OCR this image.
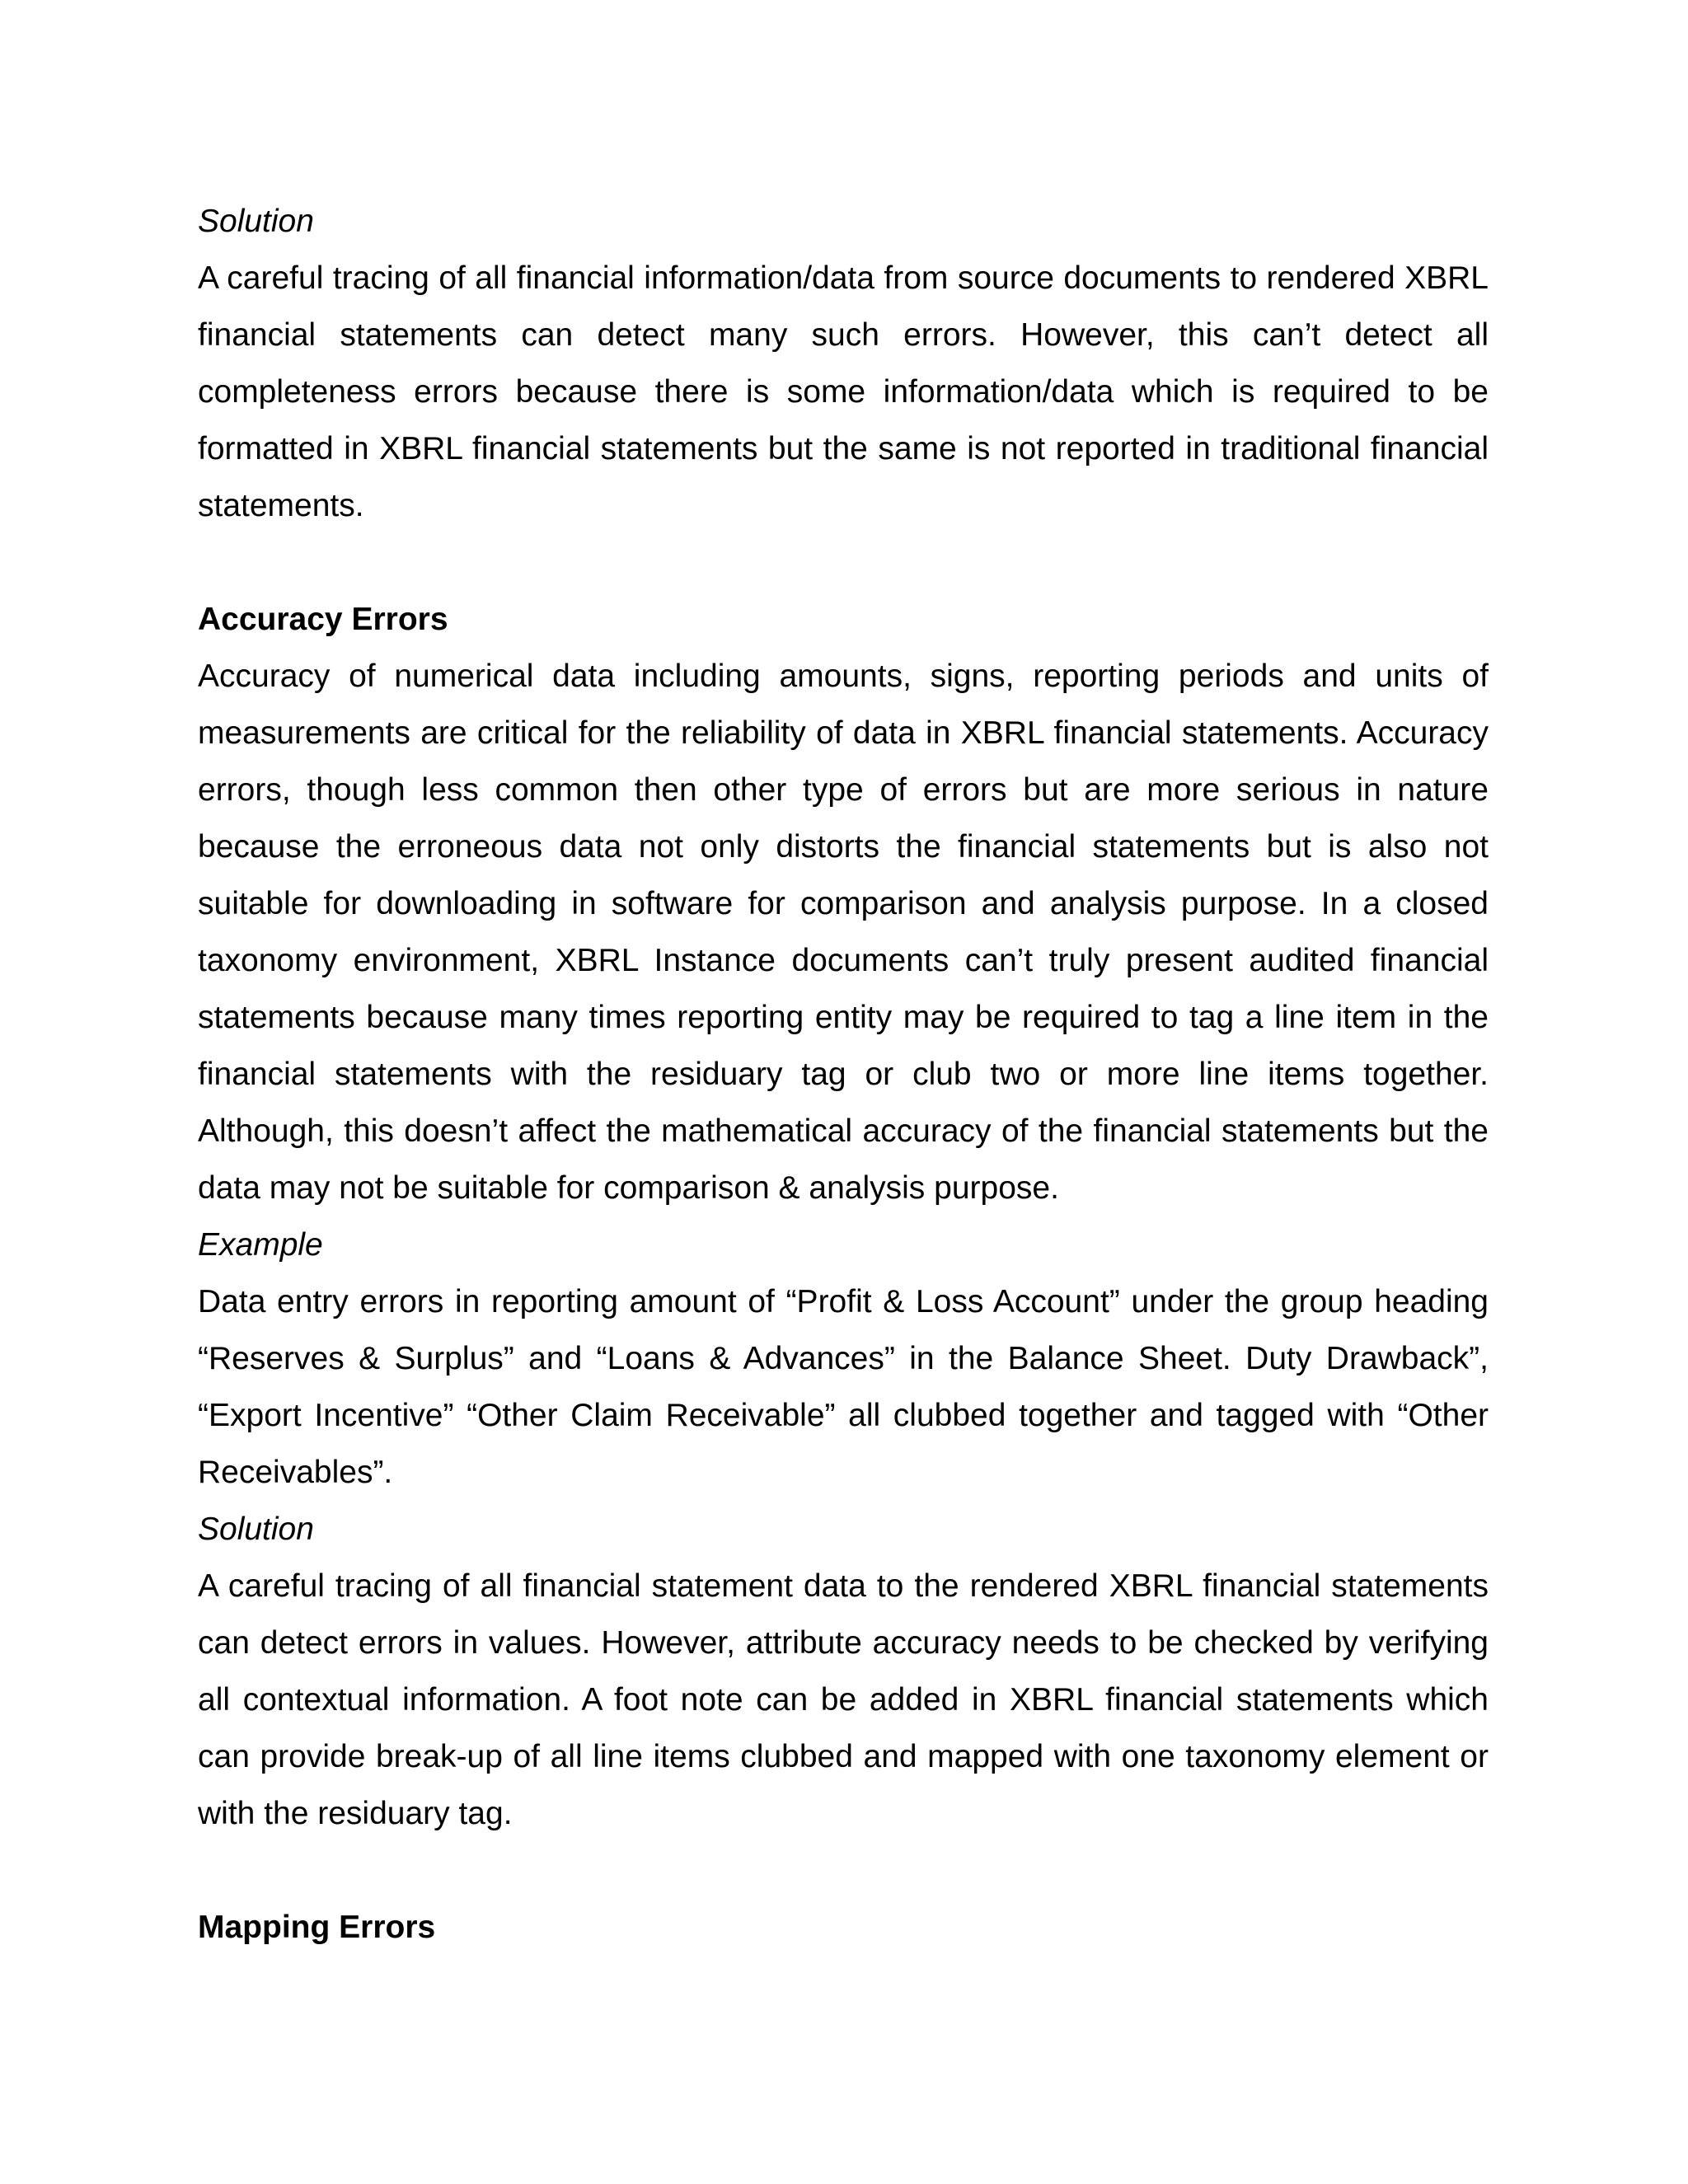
Solution

A careful tracing of all financial information/data from source documents to rendered XBRL financial statements can detect many such errors. However, this can’t detect all completeness errors because there is some information/data which is required to be formatted in XBRL financial statements but the same is not reported in traditional financial statements.

Accuracy Errors

Accuracy of numerical data including amounts, signs, reporting periods and units of measurements are critical for the reliability of data in XBRL financial statements. Accuracy errors, though less common then other type of errors but are more serious in nature because the erroneous data not only distorts the financial statements but is also not suitable for downloading in software for comparison and analysis purpose. In a closed taxonomy environment, XBRL Instance documents can’t truly present audited financial statements because many times reporting entity may be required to tag a line item in the financial statements with the residuary tag or club two or more line items together. Although, this doesn’t affect the mathematical accuracy of the financial statements but the data may not be suitable for comparison & analysis purpose.

Example

Data entry errors in reporting amount of “Profit & Loss Account” under the group heading “Reserves & Surplus” and “Loans & Advances” in the Balance Sheet. Duty Drawback”, “Export Incentive” “Other Claim Receivable” all clubbed together and tagged with “Other Receivables”.

Solution

A careful tracing of all financial statement data to the rendered XBRL financial statements can detect errors in values. However, attribute accuracy needs to be checked by verifying all contextual information. A foot note can be added in XBRL financial statements which can provide break-up of all line items clubbed and mapped with one taxonomy element or with the residuary tag.

Mapping Errors
